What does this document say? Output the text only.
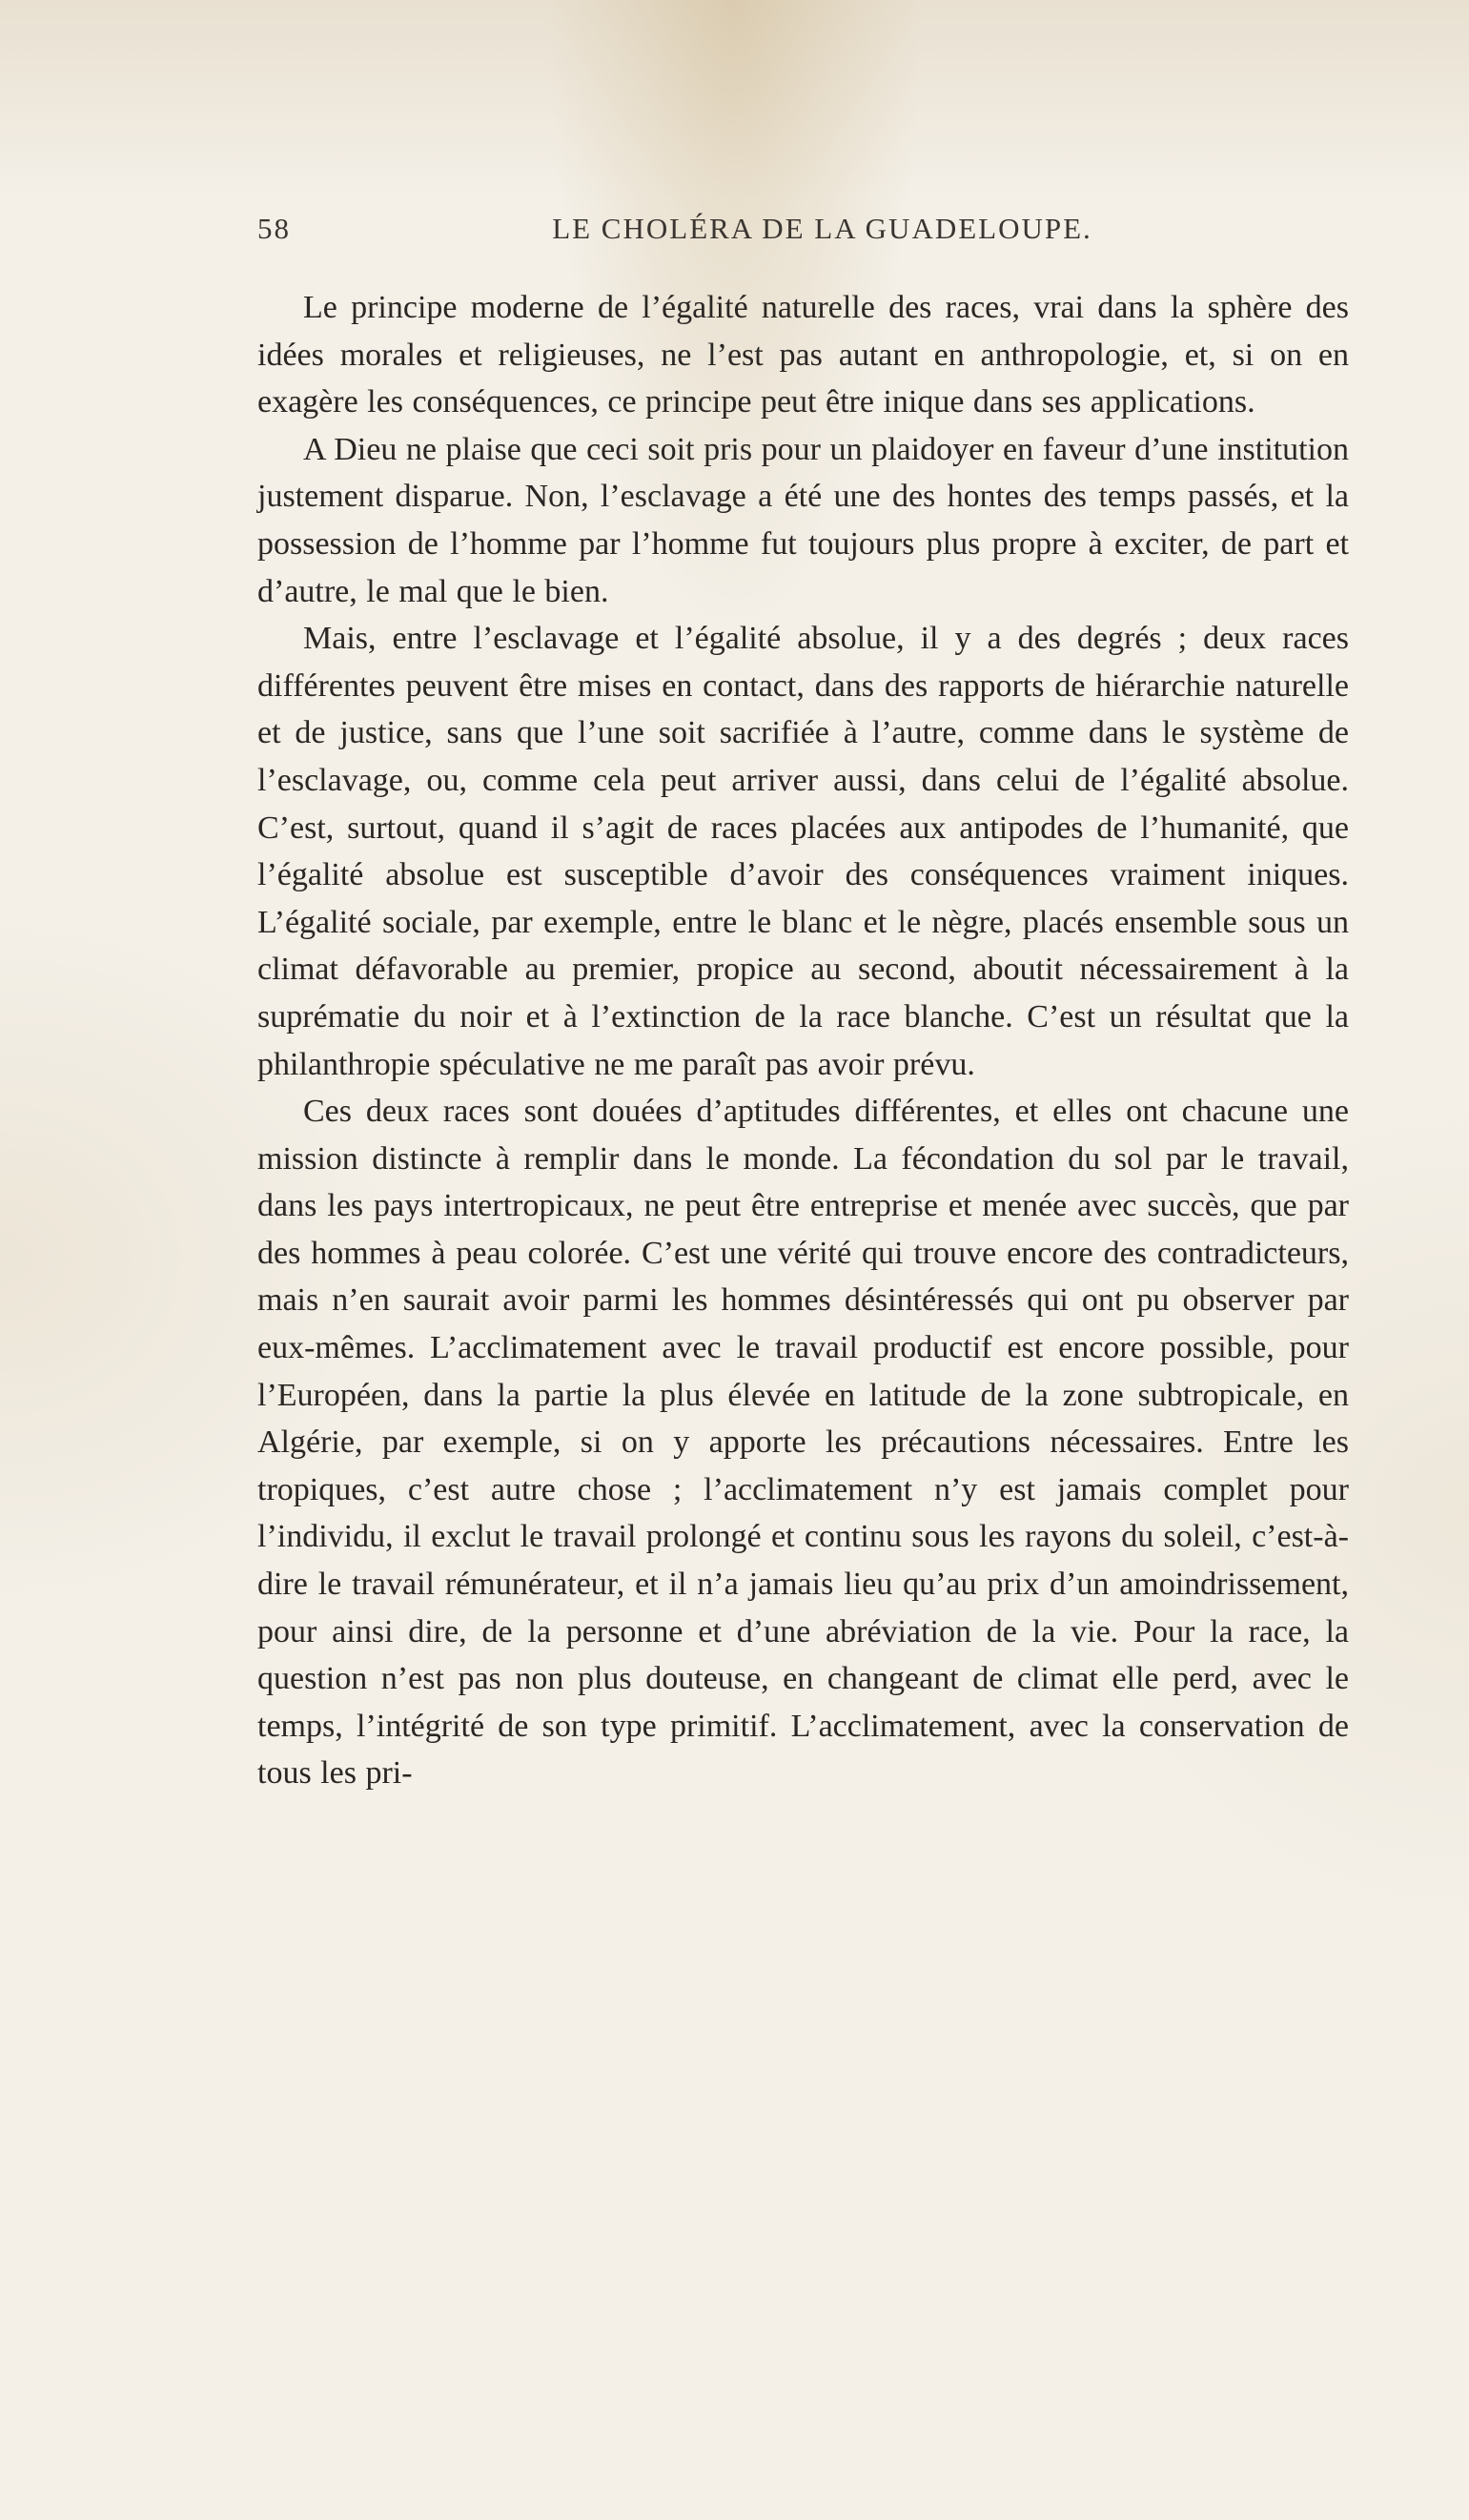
58	LE CHOLÉRA DE LA GUADELOUPE.

Le principe moderne de l’égalité naturelle des races, vrai dans la sphère des idées morales et religieuses, ne l’est pas autant en anthropologie, et, si on en exagère les conséquences, ce principe peut être inique dans ses applications.

A Dieu ne plaise que ceci soit pris pour un plaidoyer en faveur d’une institution justement disparue. Non, l’esclavage a été une des hontes des temps passés, et la possession de l’homme par l’homme fut toujours plus propre à exciter, de part et d’autre, le mal que le bien.

Mais, entre l’esclavage et l’égalité absolue, il y a des degrés ; deux races différentes peuvent être mises en contact, dans des rapports de hiérarchie naturelle et de justice, sans que l’une soit sacrifiée à l’autre, comme dans le système de l’esclavage, ou, comme cela peut arriver aussi, dans celui de l’égalité absolue. C’est, surtout, quand il s’agit de races placées aux antipodes de l’humanité, que l’égalité absolue est susceptible d’avoir des conséquences vraiment iniques. L’égalité sociale, par exemple, entre le blanc et le nègre, placés ensemble sous un climat défavorable au premier, propice au second, aboutit nécessairement à la suprématie du noir et à l’extinction de la race blanche. C’est un résultat que la philanthropie spéculative ne me paraît pas avoir prévu.

Ces deux races sont douées d’aptitudes différentes, et elles ont chacune une mission distincte à remplir dans le monde. La fécondation du sol par le travail, dans les pays intertropicaux, ne peut être entreprise et menée avec succès, que par des hommes à peau colorée. C’est une vérité qui trouve encore des contradicteurs, mais n’en saurait avoir parmi les hommes désintéressés qui ont pu observer par eux-mêmes. L’acclimatement avec le travail productif est encore possible, pour l’Européen, dans la partie la plus élevée en latitude de la zone subtropicale, en Algérie, par exemple, si on y apporte les précautions nécessaires. Entre les tropiques, c’est autre chose ; l’acclimatement n’y est jamais complet pour l’individu, il exclut le travail prolongé et continu sous les rayons du soleil, c’est-à-dire le travail rémunérateur, et il n’a jamais lieu qu’au prix d’un amoindrissement, pour ainsi dire, de la personne et d’une abréviation de la vie. Pour la race, la question n’est pas non plus douteuse, en changeant de climat elle perd, avec le temps, l’intégrité de son type primitif. L’acclimatement, avec la conservation de tous les pri-
